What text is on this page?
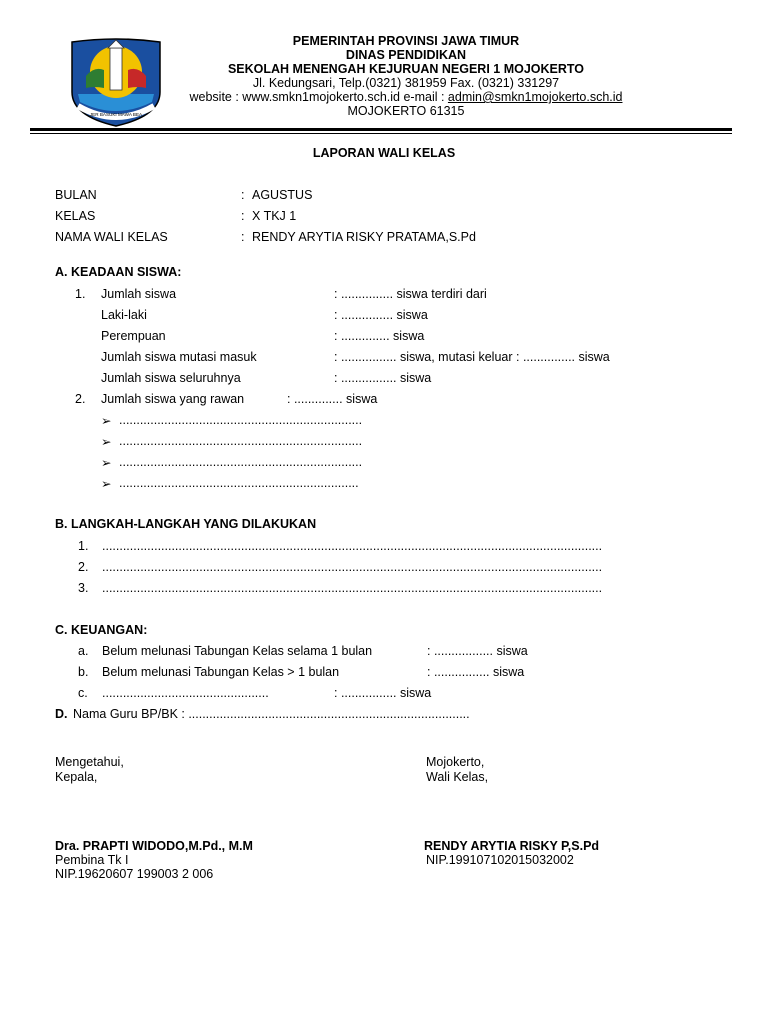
JER BASUKI MAWA BEA
PEMERINTAH PROVINSI JAWA TIMUR
DINAS PENDIDIKAN
SEKOLAH MENENGAH KEJURUAN NEGERI 1 MOJOKERTO
Jl. Kedungsari, Telp.(0321) 381959 Fax. (0321) 331297
website : www.smkn1mojokerto.sch.id e-mail : admin@smkn1mojokerto.sch.id
MOJOKERTO 61315
LAPORAN WALI KELAS
BULAN	: AGUSTUS
KELAS	: X TKJ 1
NAMA WALI KELAS	: RENDY ARYTIA RISKY PRATAMA,S.Pd
A. KEADAAN SISWA:
1. Jumlah siswa	: ............... siswa terdiri dari
Laki-laki	: ............... siswa
Perempuan	: .............. siswa
Jumlah siswa mutasi masuk	: ................ siswa, mutasi keluar : ............... siswa
Jumlah siswa seluruhnya	: ................ siswa
2. Jumlah siswa yang rawan	: .............. siswa
➢ ......................................................................
➢ ......................................................................
➢ ......................................................................
➢ .....................................................................
B. LANGKAH-LANGKAH YANG DILAKUKAN
1. ................................................................................................................................................
2. ................................................................................................................................................
3. ................................................................................................................................................
C. KEUANGAN:
a. Belum melunasi Tabungan Kelas selama 1 bulan	: ................. siswa
b. Belum melunasi Tabungan Kelas > 1 bulan	: ................ siswa
c. ................................................	: ................ siswa
D. Nama Guru BP/BK : .................................................................................
Mengetahui,
Kepala,
Mojokerto,
Wali Kelas,
Dra. PRAPTI WIDODO,M.Pd., M.M
Pembina Tk I
NIP.19620607 199003 2 006
RENDY ARYTIA RISKY P,S.Pd
NIP.199107102015032002
